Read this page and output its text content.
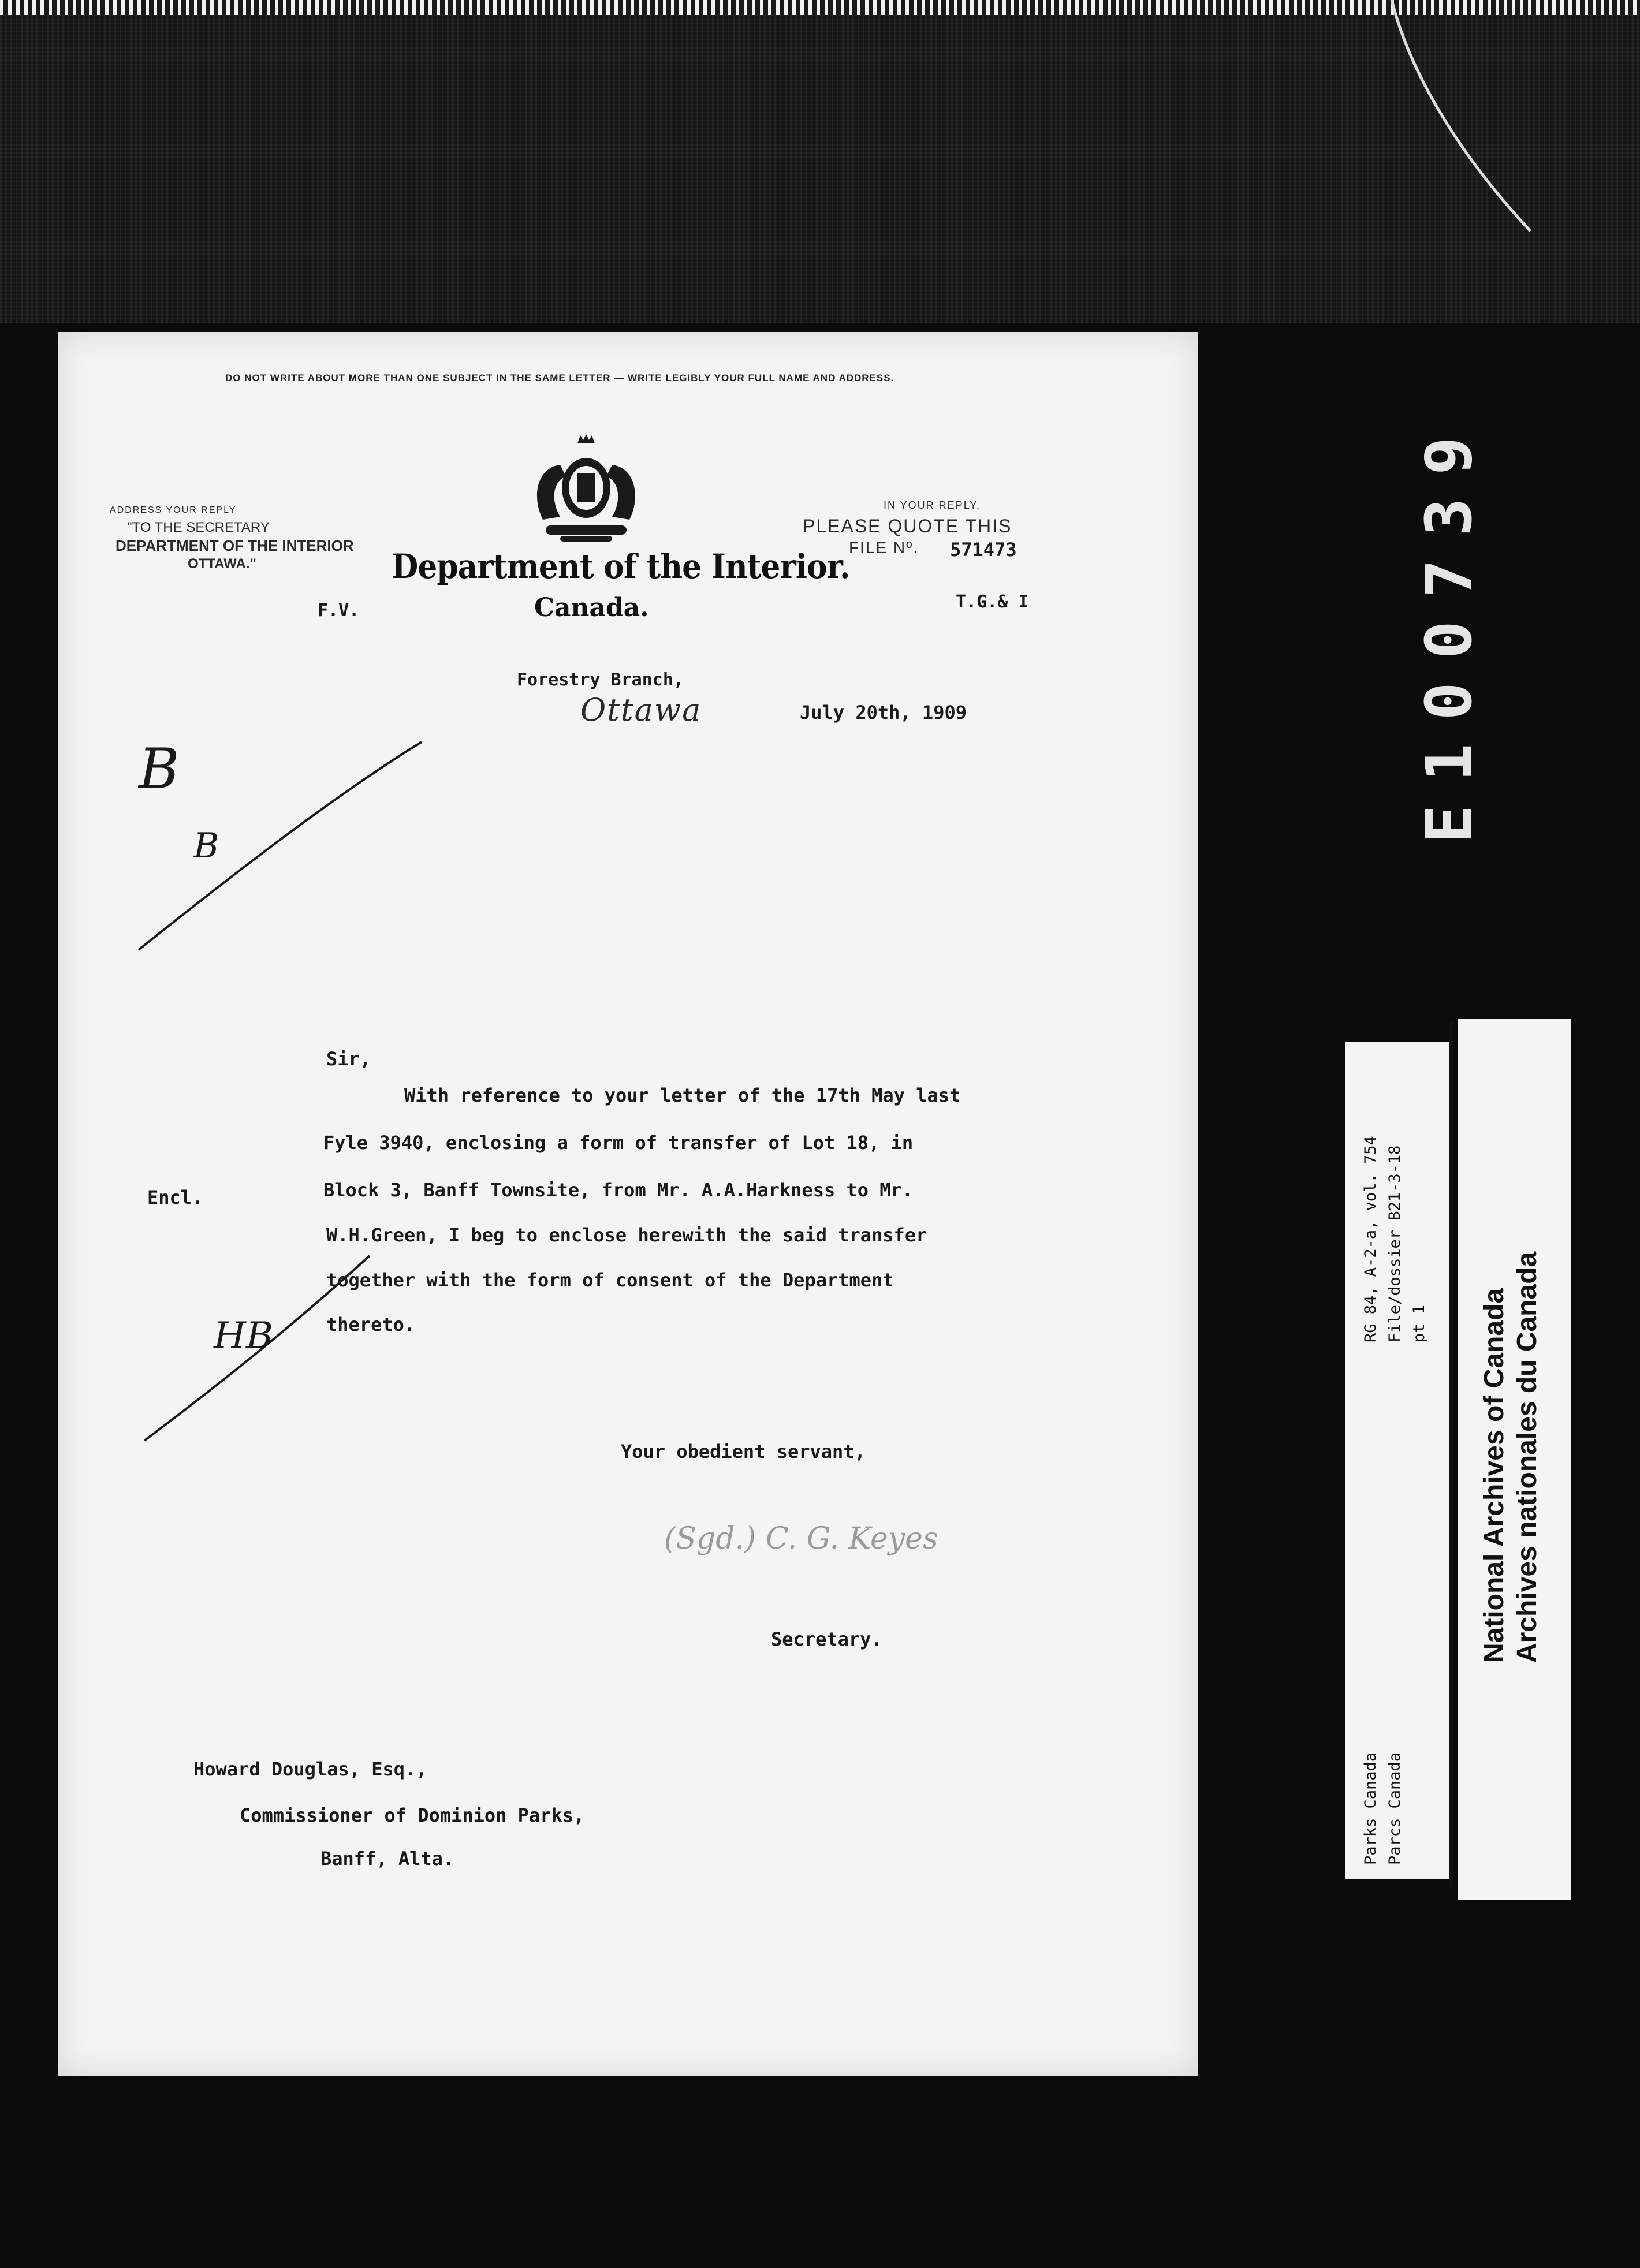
E100739
DO NOT WRITE ABOUT MORE THAN ONE SUBJECT IN THE SAME LETTER — WRITE LEGIBLY YOUR FULL NAME AND ADDRESS.
ADDRESS YOUR REPLY
"TO THE SECRETARY
DEPARTMENT OF THE INTERIOR
OTTAWA."	Department of the Interior.
Canada.
IN YOUR REPLY,
PLEASE QUOTE THIS
FILE Nº. 571473
F.V.	T.G.& I
Forestry Branch,
Ottawa	July 20th, 1909
B
B
Sir,
With reference to your letter of the 17th May last
Fyle 3940, enclosing a form of transfer of Lot 18, in
Block 3, Banff Townsite, from Mr. A.A.Harkness to Mr.
W.H.Green, I beg to enclose herewith the said transfer
together with the form of consent of the Department
thereto.
Encl.
HB
Your obedient servant,
(Sgd.) C. G. Keyes
Secretary.
Howard Douglas, Esq.,
Commissioner of Dominion Parks,
Banff, Alta.
RG 84, A-2-a, vol. 754 File/dossier B21-3-18 pt 1
Parks Canada Parcs Canada
National Archives of Canada Archives nationales du Canada
